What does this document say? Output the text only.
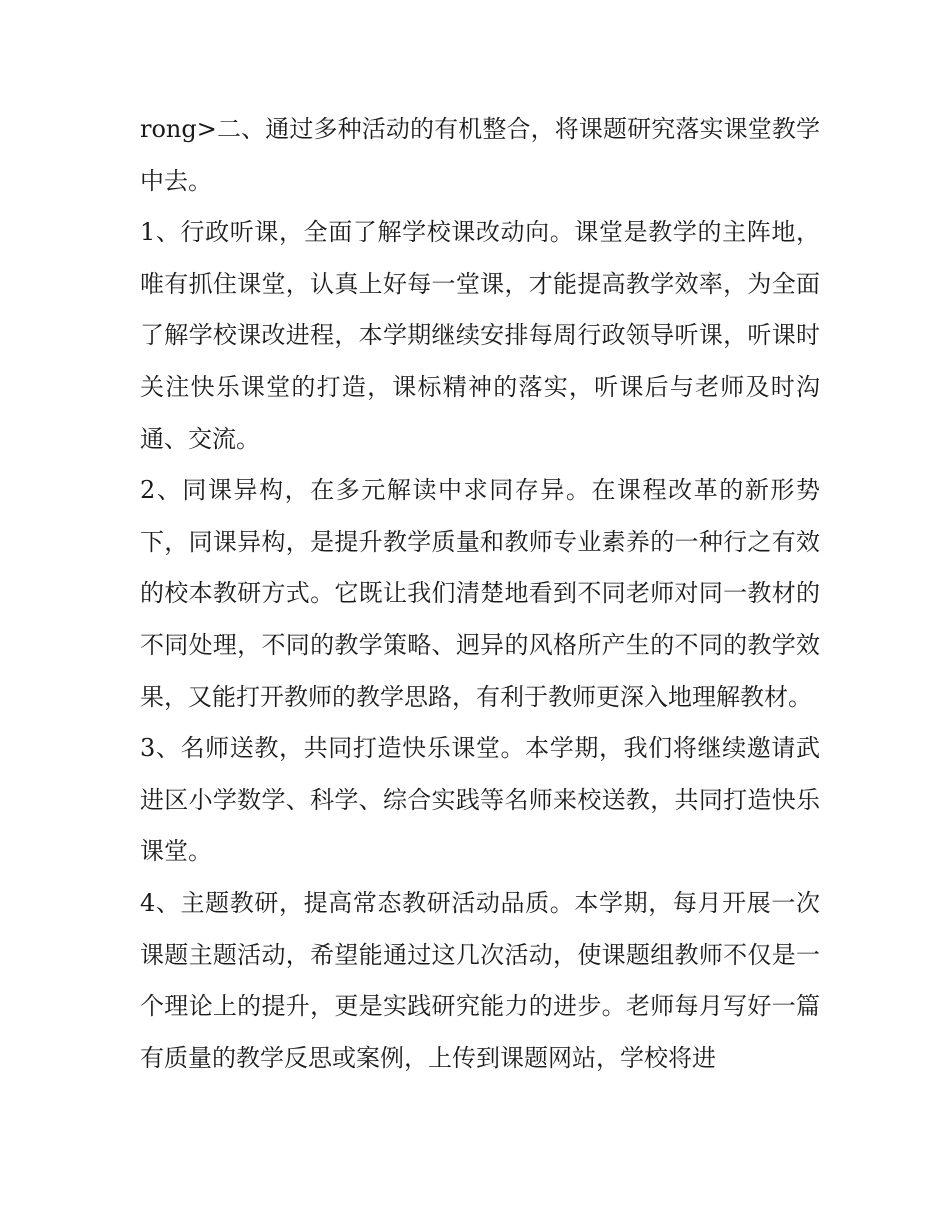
rong>二、通过多种活动的有机整合，将课题研究落实课堂教学中去。

1、行政听课，全面了解学校课改动向。课堂是教学的主阵地，唯有抓住课堂，认真上好每一堂课，才能提高教学效率，为全面了解学校课改进程，本学期继续安排每周行政领导听课，听课时关注快乐课堂的打造，课标精神的落实，听课后与老师及时沟通、交流。

2、同课异构，在多元解读中求同存异。在课程改革的新形势下，同课异构，是提升教学质量和教师专业素养的一种行之有效的校本教研方式。它既让我们清楚地看到不同老师对同一教材的不同处理，不同的教学策略、迥异的风格所产生的不同的教学效果，又能打开教师的教学思路，有利于教师更深入地理解教材。

3、名师送教，共同打造快乐课堂。本学期，我们将继续邀请武进区小学数学、科学、综合实践等名师来校送教，共同打造快乐课堂。

4、主题教研，提高常态教研活动品质。本学期，每月开展一次课题主题活动，希望能通过这几次活动，使课题组教师不仅是一个理论上的提升，更是实践研究能力的进步。老师每月写好一篇有质量的教学反思或案例，上传到课题网站，学校将进
